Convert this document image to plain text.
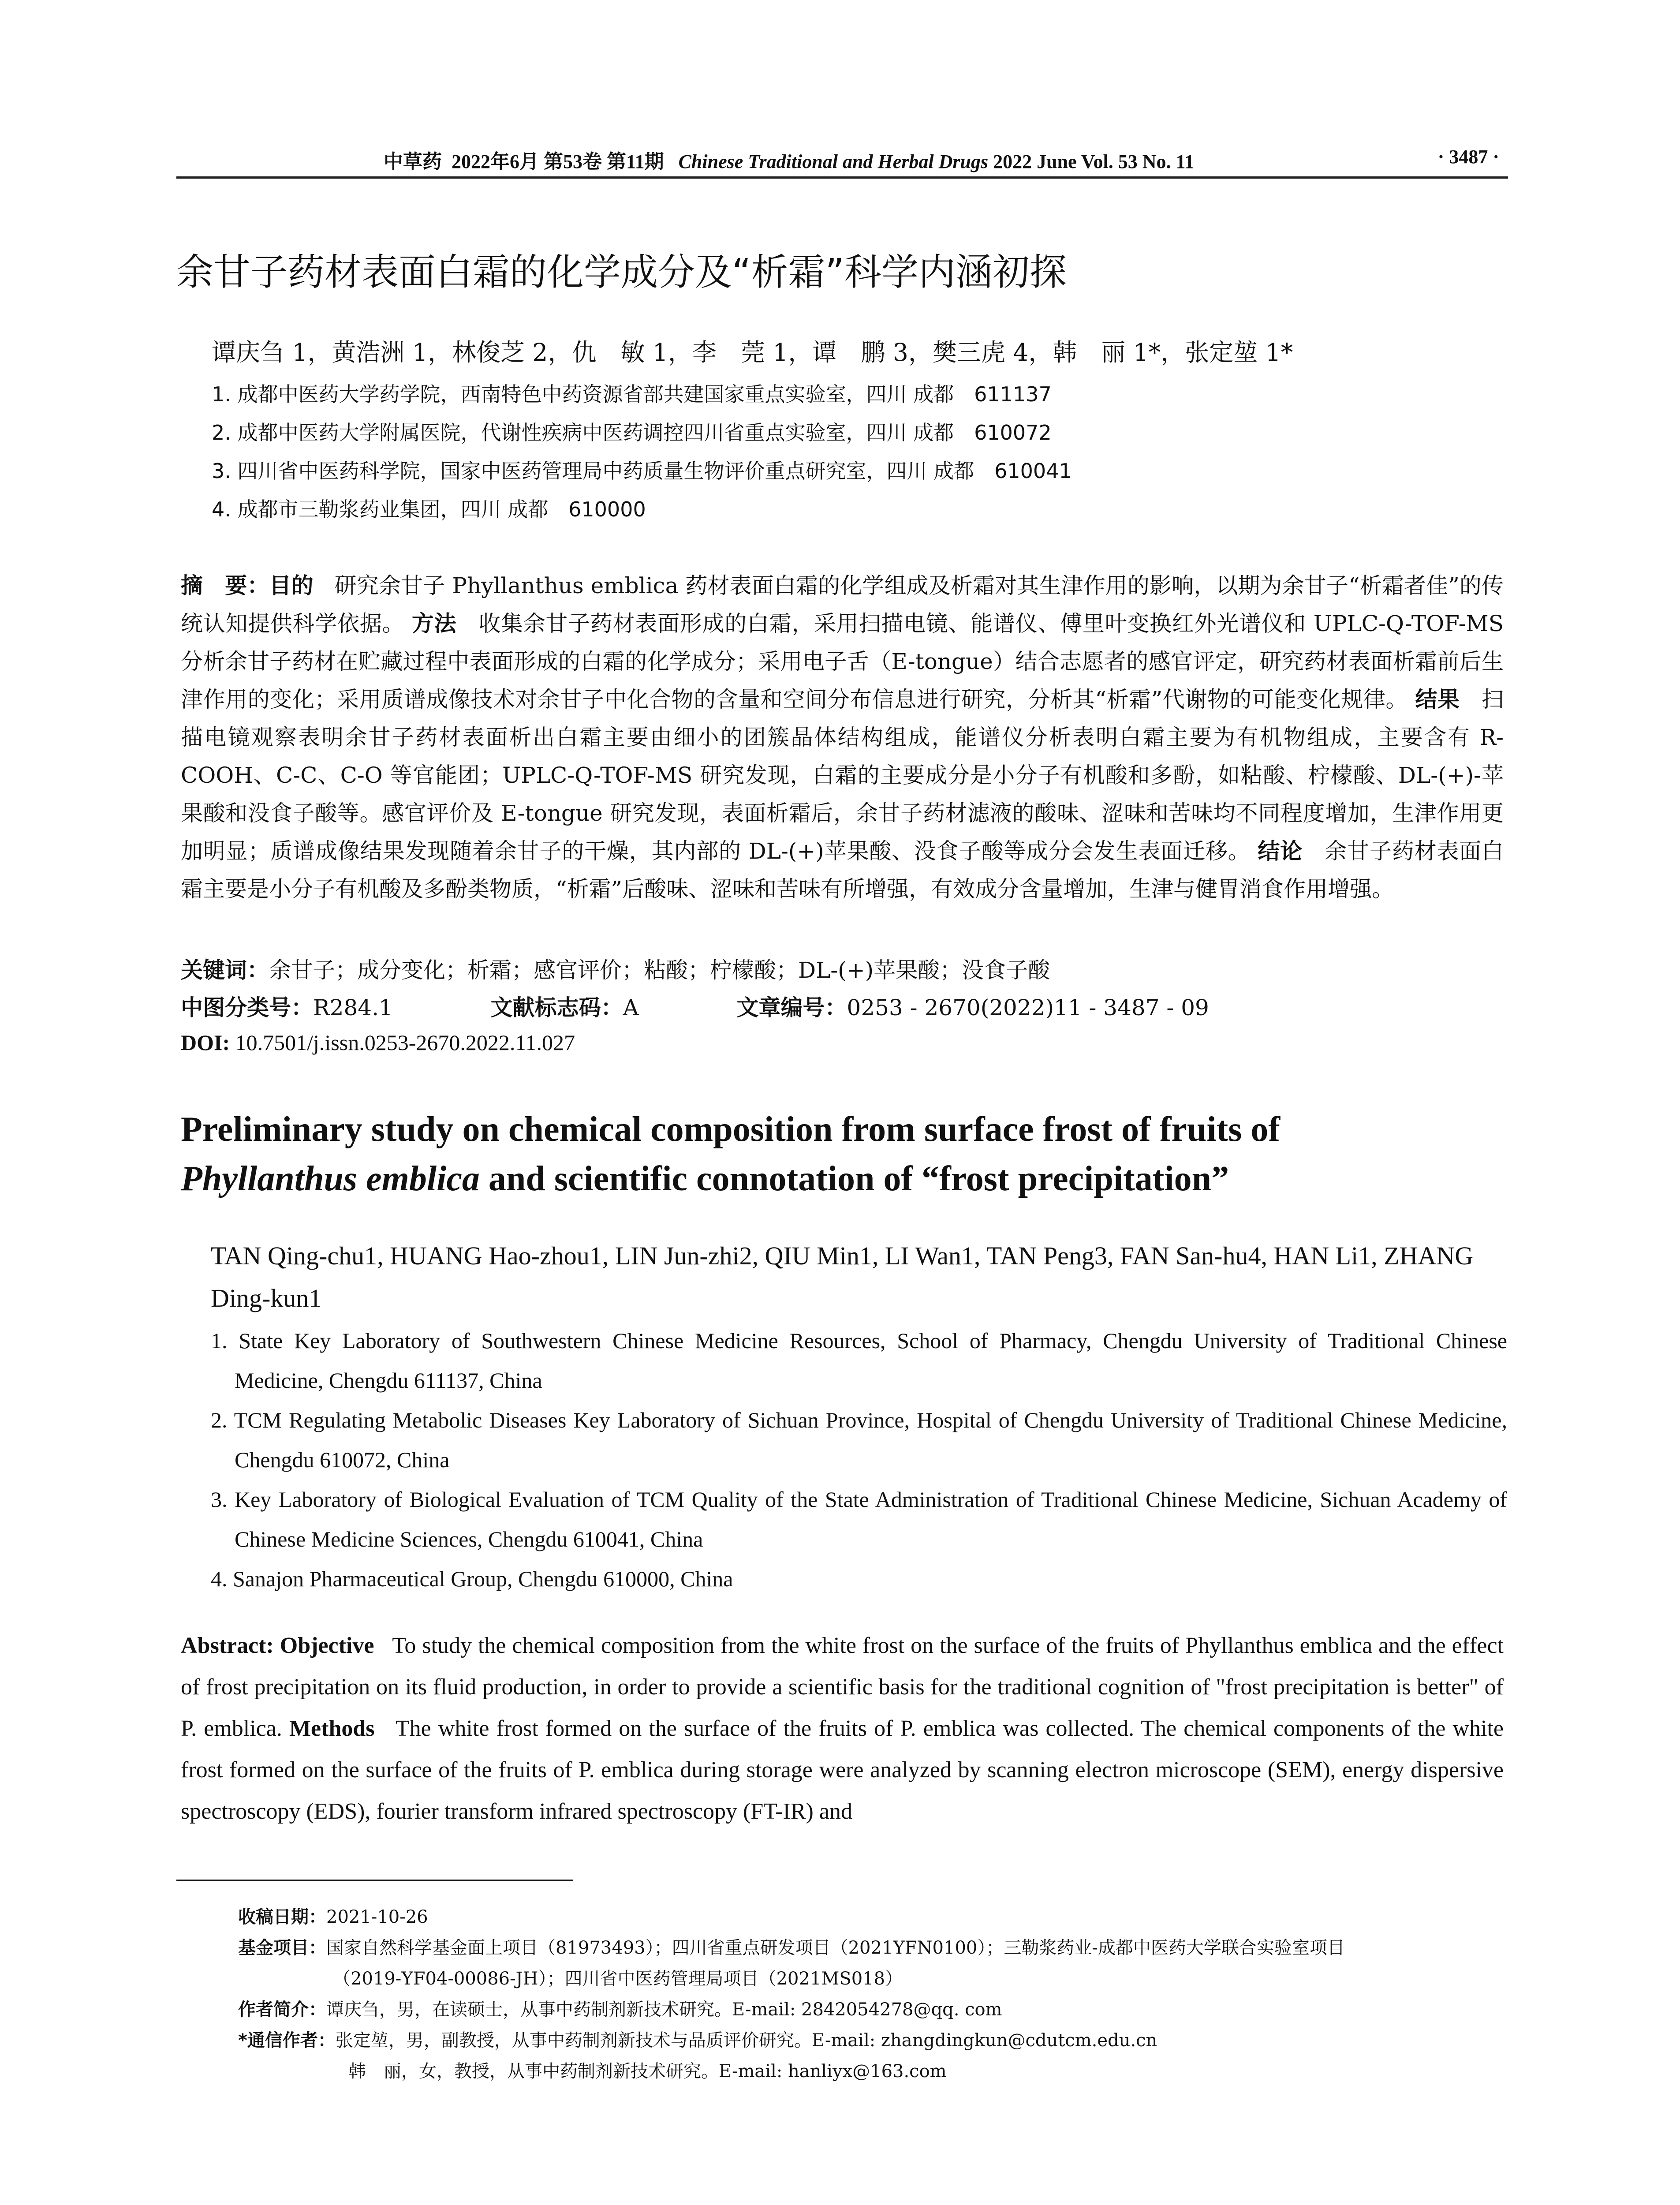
中草药 2022年6月 第53卷 第11期 Chinese Traditional and Herbal Drugs 2022 June Vol. 53 No. 11	· 3487 ·
余甘子药材表面白霜的化学成分及“析霜”科学内涵初探
谭庆刍 1，黄浩洲 1，林俊芝 2，仇　敏 1，李　莞 1，谭　鹏 3，樊三虎 4，韩　丽 1*，张定堃 1*
1. 成都中医药大学药学院，西南特色中药资源省部共建国家重点实验室，四川 成都　611137
2. 成都中医药大学附属医院，代谢性疾病中医药调控四川省重点实验室，四川 成都　610072
3. 四川省中医药科学院，国家中医药管理局中药质量生物评价重点研究室，四川 成都　610041
4. 成都市三勒浆药业集团，四川 成都　610000
摘　要：目的 研究余甘子 Phyllanthus emblica 药材表面白霜的化学组成及析霜对其生津作用的影响，以期为余甘子“析霜者佳”的传统认知提供科学依据。 方法 收集余甘子药材表面形成的白霜，采用扫描电镜、能谱仪、傅里叶变换红外光谱仪和 UPLC-Q-TOF-MS 分析余甘子药材在贮藏过程中表面形成的白霜的化学成分；采用电子舌（E-tongue）结合志愿者的感官评定，研究药材表面析霜前后生津作用的变化；采用质谱成像技术对余甘子中化合物的含量和空间分布信息进行研究，分析其“析霜”代谢物的可能变化规律。 结果 扫描电镜观察表明余甘子药材表面析出白霜主要由细小的团簇晶体结构组成，能谱仪分析表明白霜主要为有机物组成，主要含有 R-COOH、C-C、C-O 等官能团；UPLC-Q-TOF-MS 研究发现，白霜的主要成分是小分子有机酸和多酚，如粘酸、柠檬酸、DL-(+)-苹果酸和没食子酸等。感官评价及 E-tongue 研究发现，表面析霜后，余甘子药材滤液的酸味、涩味和苦味均不同程度增加，生津作用更加明显；质谱成像结果发现随着余甘子的干燥，其内部的 DL-(+)苹果酸、没食子酸等成分会发生表面迁移。 结论 余甘子药材表面白霜主要是小分子有机酸及多酚类物质，“析霜”后酸味、涩味和苦味有所增强，有效成分含量增加，生津与健胃消食作用增强。
关键词：余甘子；成分变化；析霜；感官评价；粘酸；柠檬酸；DL-(+)苹果酸；没食子酸
中图分类号：R284.1	文献标志码：A	文章编号：0253 - 2670(2022)11 - 3487 - 09
DOI: 10.7501/j.issn.0253-2670.2022.11.027
Preliminary study on chemical composition from surface frost of fruits of
Phyllanthus emblica and scientific connotation of “frost precipitation”
TAN Qing-chu1, HUANG Hao-zhou1, LIN Jun-zhi2, QIU Min1, LI Wan1, TAN Peng3, FAN San-hu4, HAN Li1, ZHANG Ding-kun1
1. State Key Laboratory of Southwestern Chinese Medicine Resources, School of Pharmacy, Chengdu University of Traditional Chinese Medicine, Chengdu 611137, China
2. TCM Regulating Metabolic Diseases Key Laboratory of Sichuan Province, Hospital of Chengdu University of Traditional Chinese Medicine, Chengdu 610072, China
3. Key Laboratory of Biological Evaluation of TCM Quality of the State Administration of Traditional Chinese Medicine, Sichuan Academy of Chinese Medicine Sciences, Chengdu 610041, China
4. Sanajon Pharmaceutical Group, Chengdu 610000, China
Abstract: Objective To study the chemical composition from the white frost on the surface of the fruits of Phyllanthus emblica and the effect of frost precipitation on its fluid production, in order to provide a scientific basis for the traditional cognition of "frost precipitation is better" of P. emblica. Methods The white frost formed on the surface of the fruits of P. emblica was collected. The chemical components of the white frost formed on the surface of the fruits of P. emblica during storage were analyzed by scanning electron microscope (SEM), energy dispersive spectroscopy (EDS), fourier transform infrared spectroscopy (FT-IR) and
收稿日期：2021-10-26
基金项目：国家自然科学基金面上项目（81973493）；四川省重点研发项目（2021YFN0100）；三勒浆药业-成都中医药大学联合实验室项目
（2019-YF04-00086-JH）；四川省中医药管理局项目（2021MS018）
作者简介：谭庆刍，男，在读硕士，从事中药制剂新技术研究。E-mail: 2842054278@qq. com
*通信作者：张定堃，男，副教授，从事中药制剂新技术与品质评价研究。E-mail: zhangdingkun@cdutcm.edu.cn
韩　丽，女，教授，从事中药制剂新技术研究。E-mail: hanliyx@163.com
